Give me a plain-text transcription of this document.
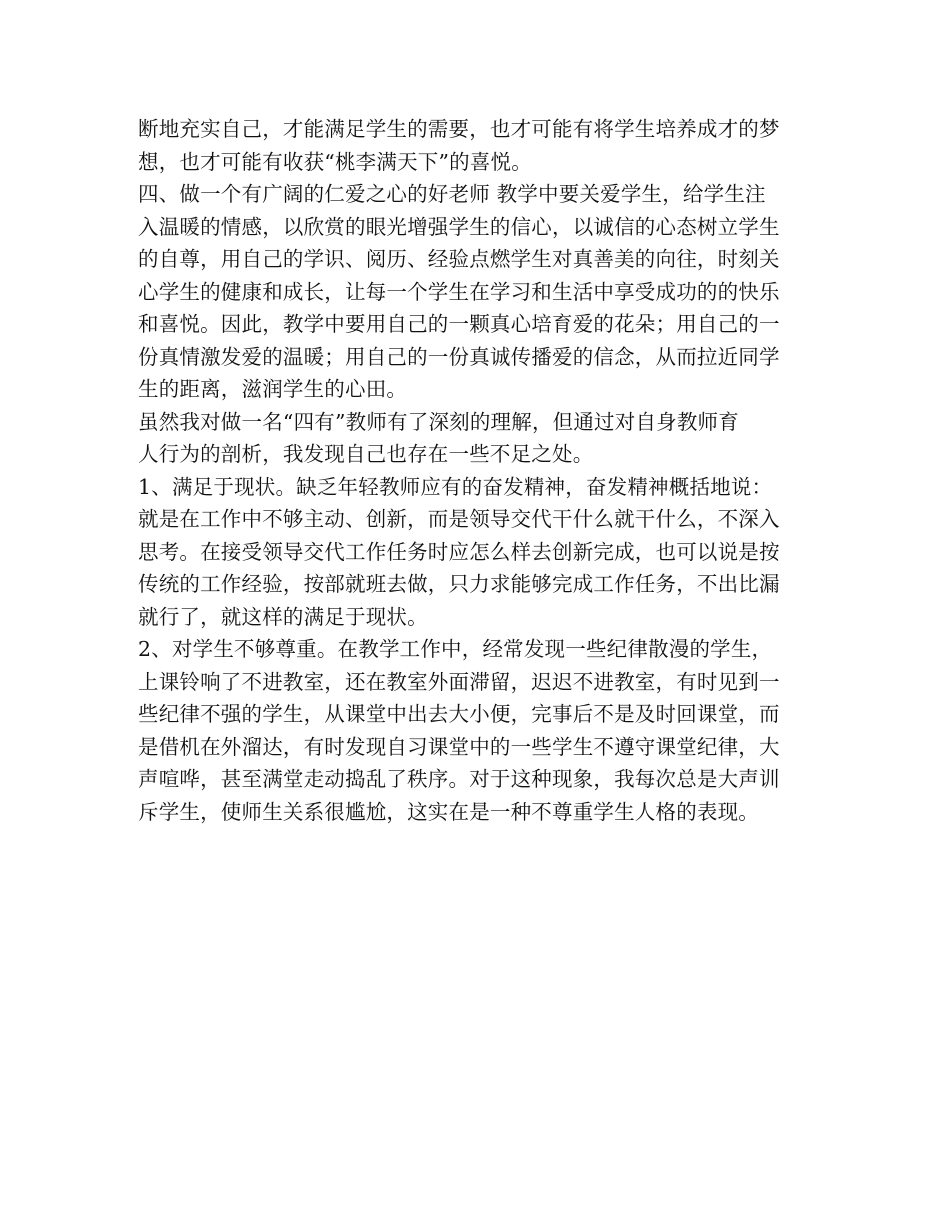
断地充实自己，才能满足学生的需要，也才可能有将学生培养成才的梦
想，也才可能有收获“桃李满天下”的喜悦。
四、做一个有广阔的仁爱之心的好老师 教学中要关爱学生，给学生注
入温暖的情感，以欣赏的眼光增强学生的信心，以诚信的心态树立学生
的自尊，用自己的学识、阅历、经验点燃学生对真善美的向往，时刻关
心学生的健康和成长，让每一个学生在学习和生活中享受成功的的快乐
和喜悦。因此，教学中要用自己的一颗真心培育爱的花朵；用自己的一
份真情激发爱的温暖；用自己的一份真诚传播爱的信念，从而拉近同学
生的距离，滋润学生的心田。
虽然我对做一名“四有”教师有了深刻的理解，但通过对自身教师育
人行为的剖析，我发现自己也存在一些不足之处。
1、满足于现状。缺乏年轻教师应有的奋发精神，奋发精神概括地说：
就是在工作中不够主动、创新，而是领导交代干什么就干什么，不深入
思考。在接受领导交代工作任务时应怎么样去创新完成，也可以说是按
传统的工作经验，按部就班去做，只力求能够完成工作任务，不出比漏
就行了，就这样的满足于现状。
2、对学生不够尊重。在教学工作中，经常发现一些纪律散漫的学生，
上课铃响了不进教室，还在教室外面滞留，迟迟不进教室，有时见到一
些纪律不强的学生，从课堂中出去大小便，完事后不是及时回课堂，而
是借机在外溜达，有时发现自习课堂中的一些学生不遵守课堂纪律，大
声喧哗，甚至满堂走动捣乱了秩序。对于这种现象，我每次总是大声训
斥学生，使师生关系很尴尬，这实在是一种不尊重学生人格的表现。
